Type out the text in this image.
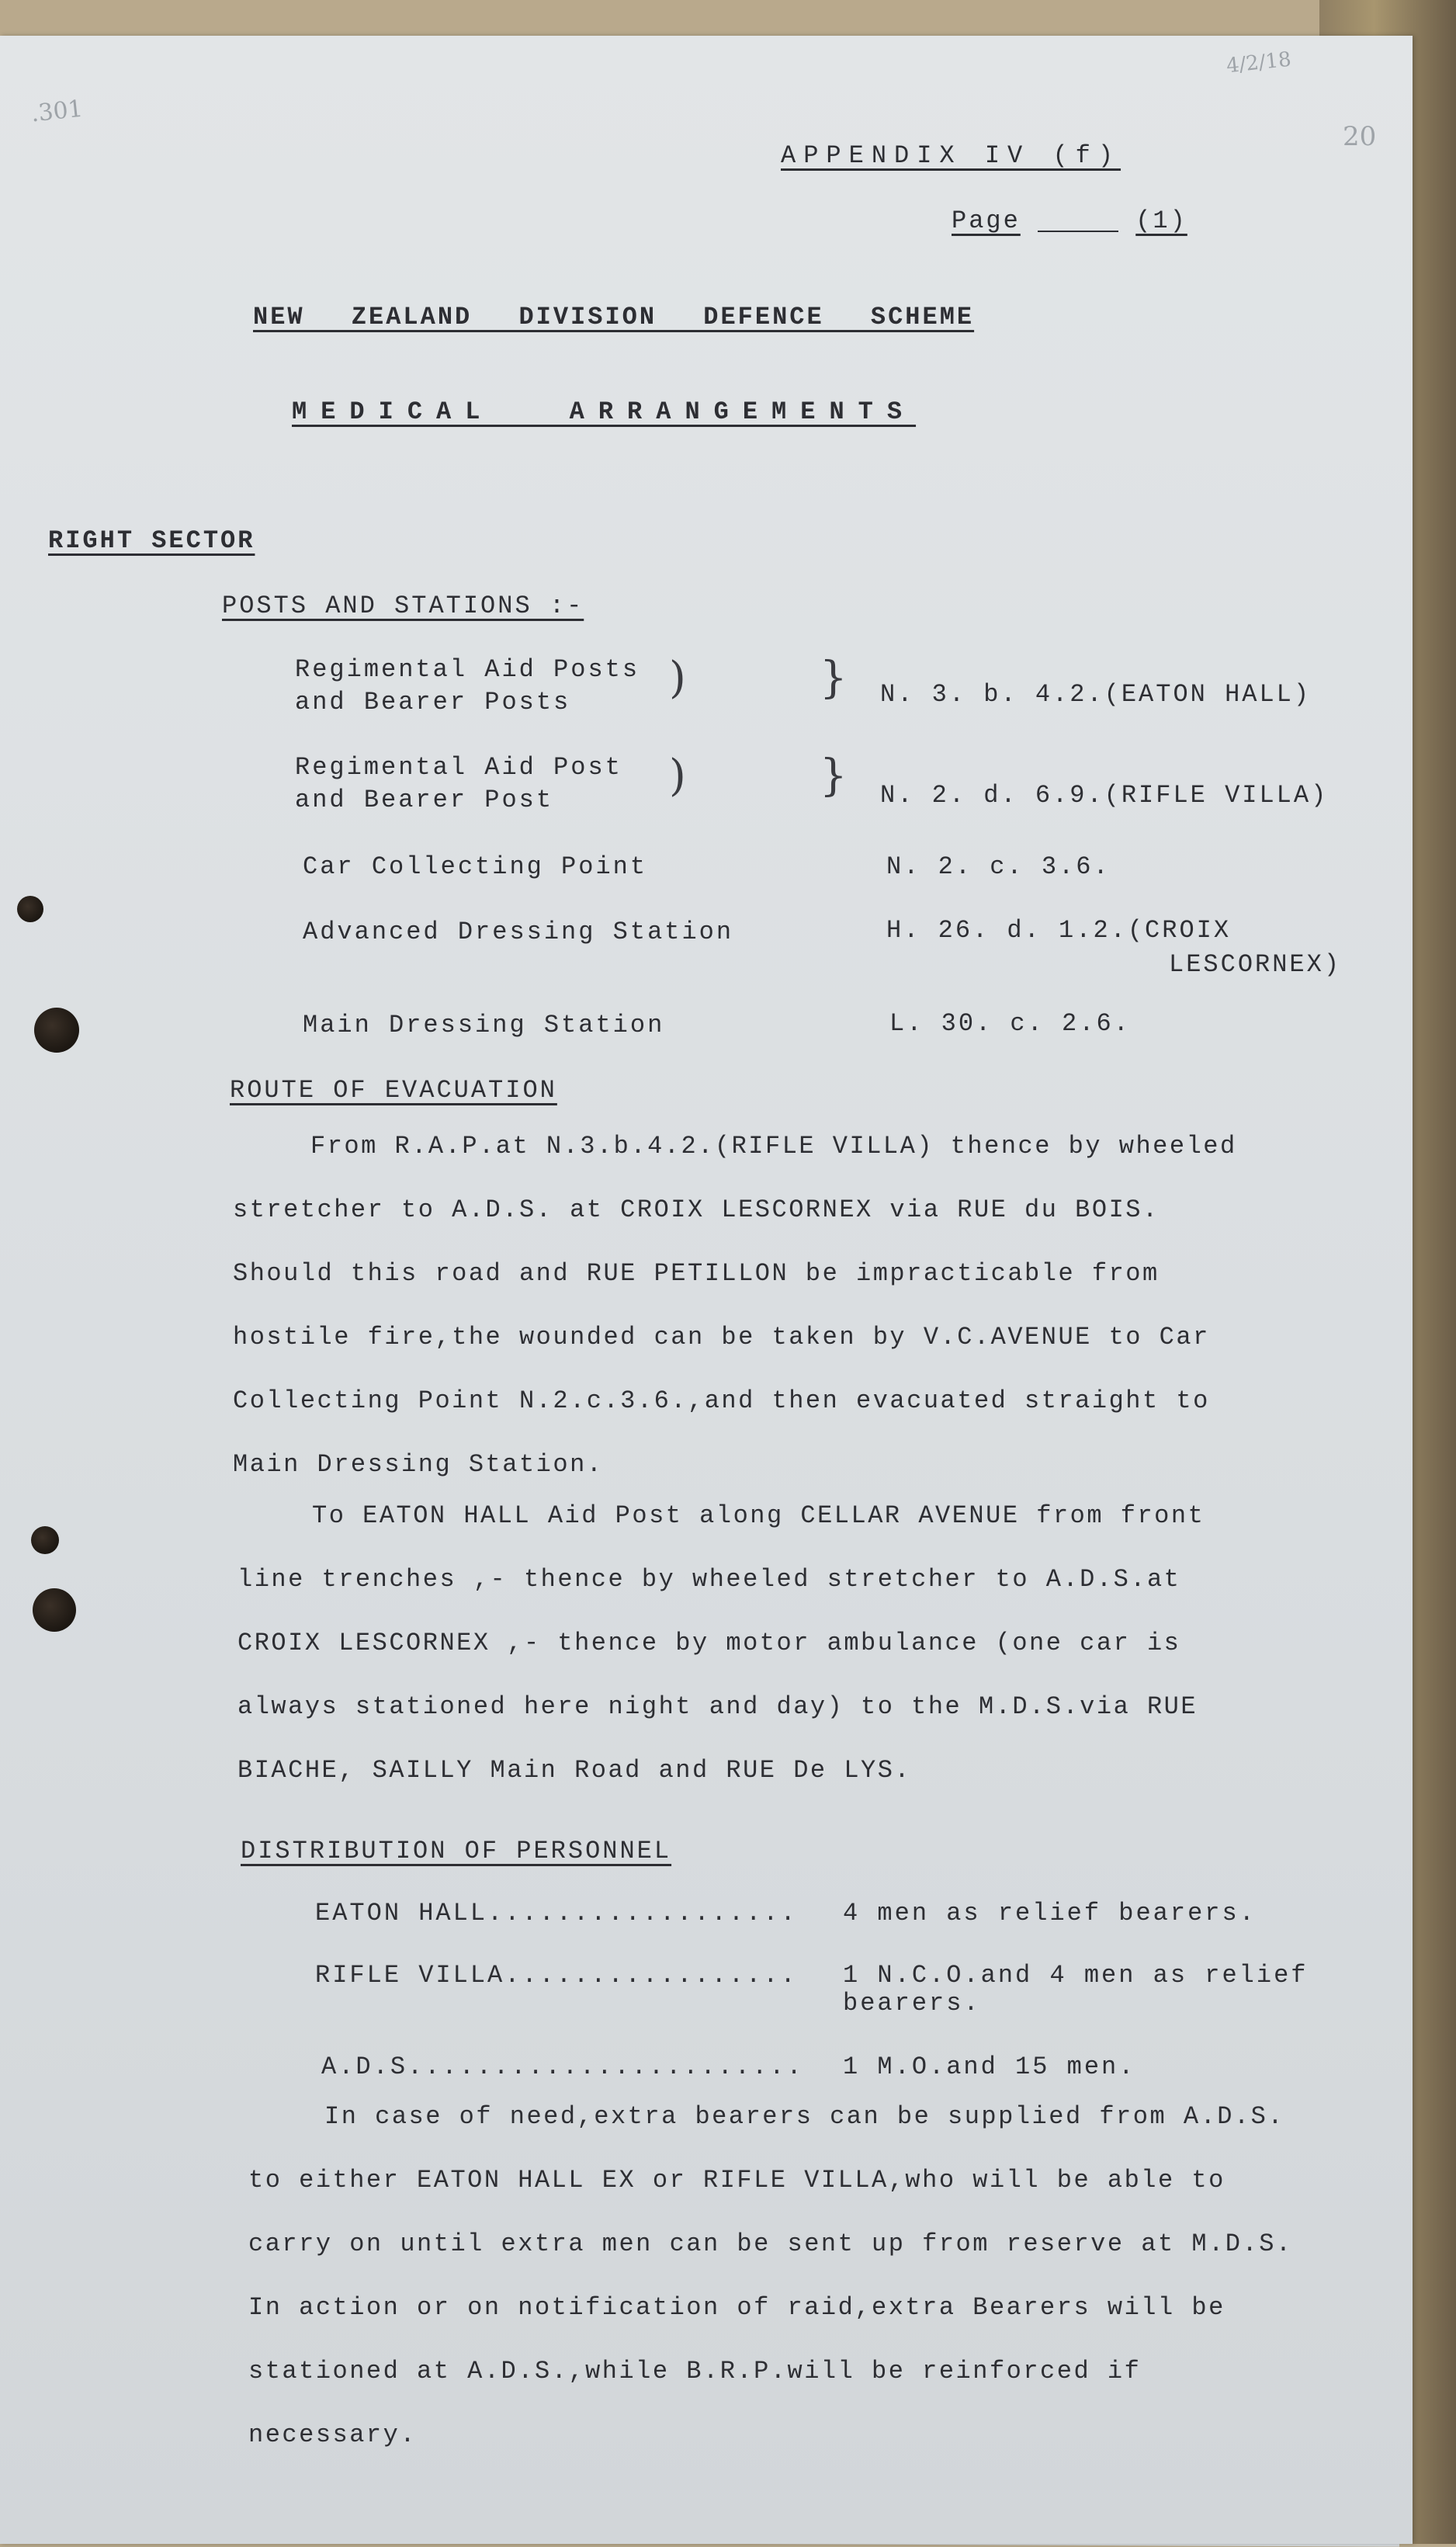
.301
4/2/18
20
APPENDIX IV (f)
Page	(1)
NEW ZEALAND DIVISION DEFENCE SCHEME
MEDICAL ARRANGEMENTS
RIGHT SECTOR
POSTS AND STATIONS :-
Regimental Aid Posts
and Bearer Posts )	} N. 3. b. 4.2.(EATON HALL)
Regimental Aid Post
and Bearer Post	)	} N. 2. d. 6.9.(RIFLE VILLA)
Car Collecting Point	N. 2. c. 3.6.
Advanced Dressing Station	H. 26. d. 1.2.(CROIX
LESCORNEX)
Main Dressing Station	L. 30. c. 2.6.
ROUTE OF EVACUATION
From R.A.P.at N.3.b.4.2.(RIFLE VILLA) thence by wheeled
stretcher to A.D.S. at CROIX LESCORNEX via RUE du BOIS.
Should this road and RUE PETILLON be impracticable from
hostile fire,the wounded can be taken by V.C.AVENUE to Car
Collecting Point N.2.c.3.6.,and then evacuated straight to
Main Dressing Station.
To EATON HALL Aid Post along CELLAR AVENUE from front
line trenches ,- thence by wheeled stretcher to A.D.S.at
CROIX LESCORNEX ,- thence by motor ambulance (one car is
always stationed here night and day) to the M.D.S.via RUE
BIACHE, SAILLY Main Road and RUE De LYS.
DISTRIBUTION OF PERSONNEL
EATON HALL.................. 4 men as relief bearers.
RIFLE VILLA................. 1 N.C.O.and 4 men as relief
bearers.
A.D.S....................... 1 M.O.and 15 men.
In case of need,extra bearers can be supplied from A.D.S.
to either EATON HALL EX or RIFLE VILLA,who will be able to
carry on until extra men can be sent up from reserve at M.D.S.
In action or on notification of raid,extra Bearers will be
stationed at A.D.S.,while B.R.P.will be reinforced if
necessary.
